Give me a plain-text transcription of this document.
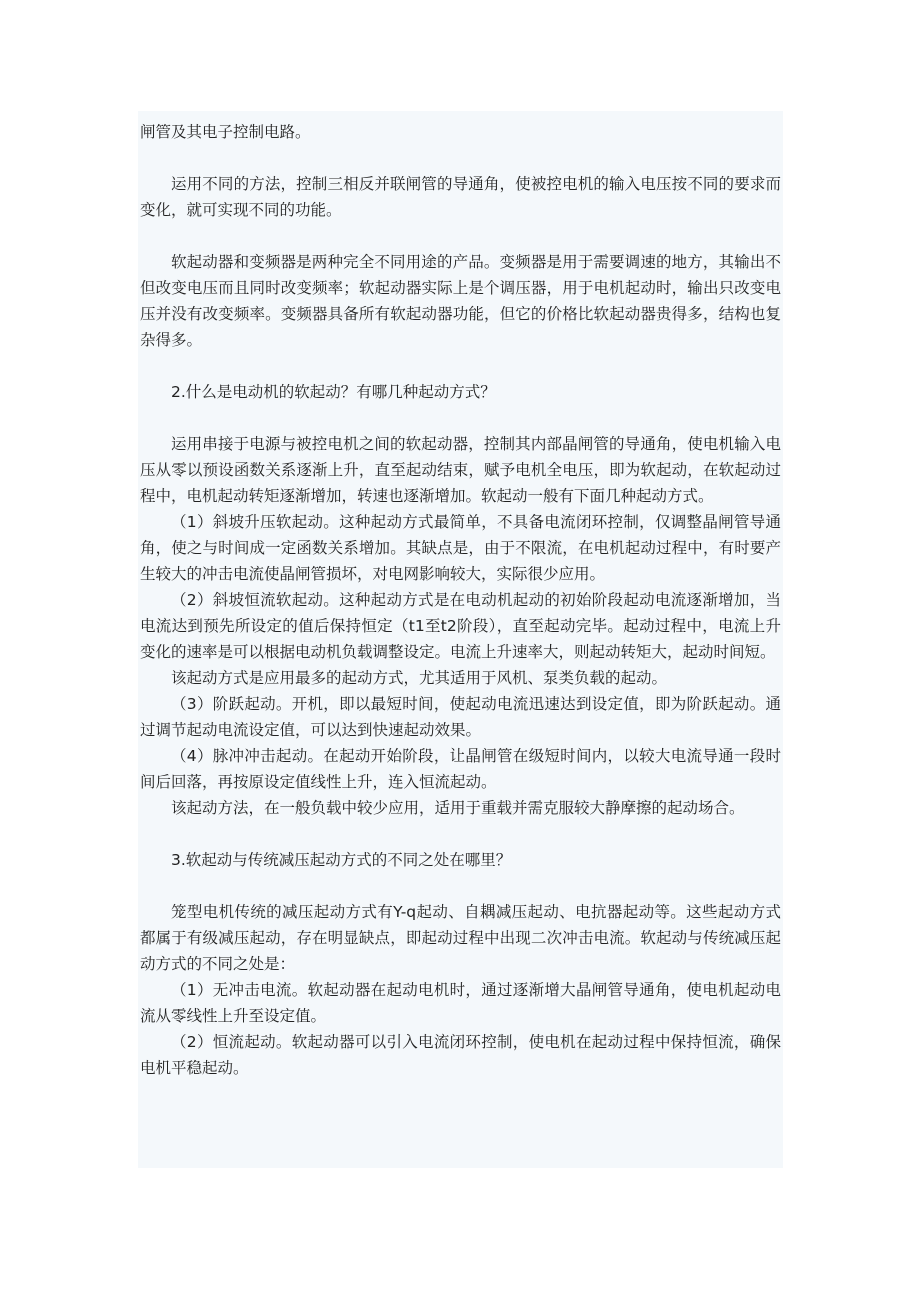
闸管及其电子控制电路。

运用不同的方法，控制三相反并联闸管的导通角，使被控电机的输入电压按不同的要求而变化，就可实现不同的功能。

软起动器和变频器是两种完全不同用途的产品。变频器是用于需要调速的地方，其输出不但改变电压而且同时改变频率；软起动器实际上是个调压器，用于电机起动时，输出只改变电压并没有改变频率。变频器具备所有软起动器功能，但它的价格比软起动器贵得多，结构也复杂得多。

2.什么是电动机的软起动？有哪几种起动方式？

运用串接于电源与被控电机之间的软起动器，控制其内部晶闸管的导通角，使电机输入电压从零以预设函数关系逐渐上升，直至起动结束，赋予电机全电压，即为软起动，在软起动过程中，电机起动转矩逐渐增加，转速也逐渐增加。软起动一般有下面几种起动方式。

（1）斜坡升压软起动。这种起动方式最简单，不具备电流闭环控制，仅调整晶闸管导通角，使之与时间成一定函数关系增加。其缺点是，由于不限流，在电机起动过程中，有时要产生较大的冲击电流使晶闸管损坏，对电网影响较大，实际很少应用。

（2）斜坡恒流软起动。这种起动方式是在电动机起动的初始阶段起动电流逐渐增加，当电流达到预先所设定的值后保持恒定（t1至t2阶段），直至起动完毕。起动过程中，电流上升变化的速率是可以根据电动机负载调整设定。电流上升速率大，则起动转矩大，起动时间短。

该起动方式是应用最多的起动方式，尤其适用于风机、泵类负载的起动。

（3）阶跃起动。开机，即以最短时间，使起动电流迅速达到设定值，即为阶跃起动。通过调节起动电流设定值，可以达到快速起动效果。

（4）脉冲冲击起动。在起动开始阶段，让晶闸管在级短时间内，以较大电流导通一段时间后回落，再按原设定值线性上升，连入恒流起动。

该起动方法，在一般负载中较少应用，适用于重载并需克服较大静摩擦的起动场合。

3.软起动与传统减压起动方式的不同之处在哪里？

笼型电机传统的减压起动方式有Y-q起动、自耦减压起动、电抗器起动等。这些起动方式都属于有级减压起动，存在明显缺点，即起动过程中出现二次冲击电流。软起动与传统减压起动方式的不同之处是：

（1）无冲击电流。软起动器在起动电机时，通过逐渐增大晶闸管导通角，使电机起动电流从零线性上升至设定值。

（2）恒流起动。软起动器可以引入电流闭环控制，使电机在起动过程中保持恒流，确保电机平稳起动。
